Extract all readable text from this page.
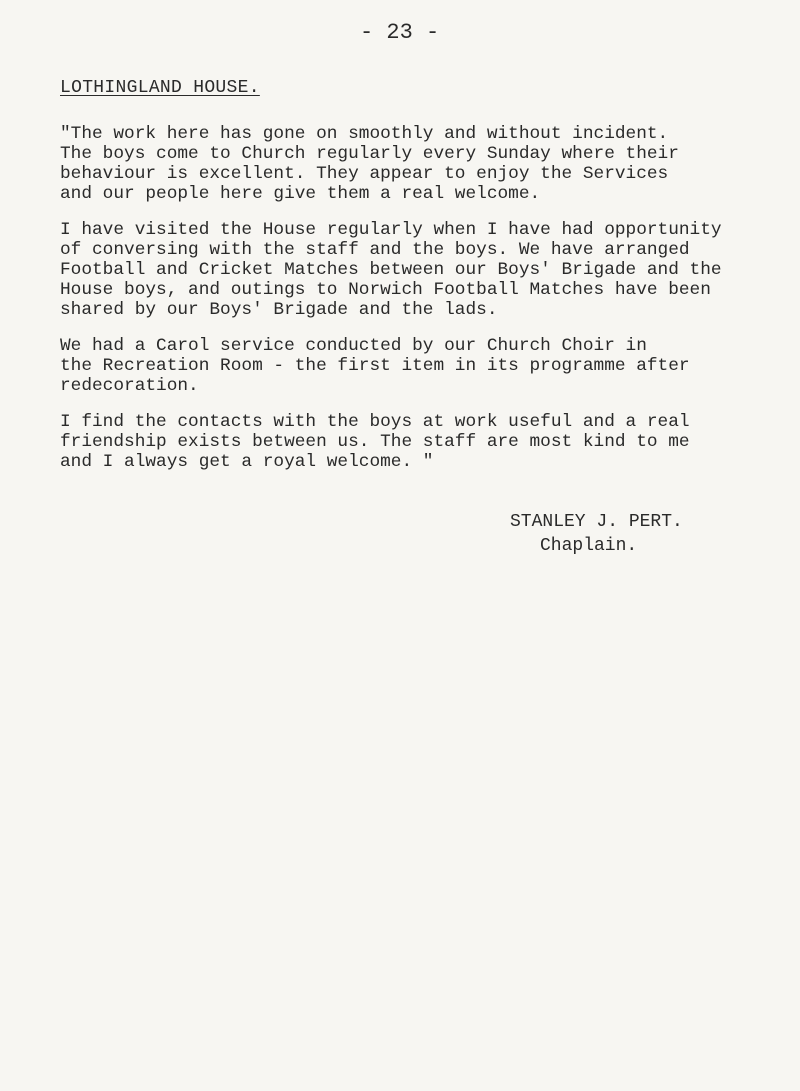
- 23 -
LOTHINGLAND HOUSE.
"The work here has gone on smoothly and without incident.
The boys come to Church regularly every Sunday where their
behaviour is excellent. They appear to enjoy the Services
and our people here give them a real welcome.
I have visited the House regularly when I have had opportunity
of conversing with the staff and the boys. We have arranged
Football and Cricket Matches between our Boys' Brigade and the
House boys, and outings to Norwich Football Matches have been
shared by our Boys' Brigade and the lads.
We had a Carol service conducted by our Church Choir in
the Recreation Room - the first item in its programme after
redecoration.
I find the contacts with the boys at work useful and a real
friendship exists between us. The staff are most kind to me
and I always get a royal welcome. "
STANLEY J. PERT.
Chaplain.
